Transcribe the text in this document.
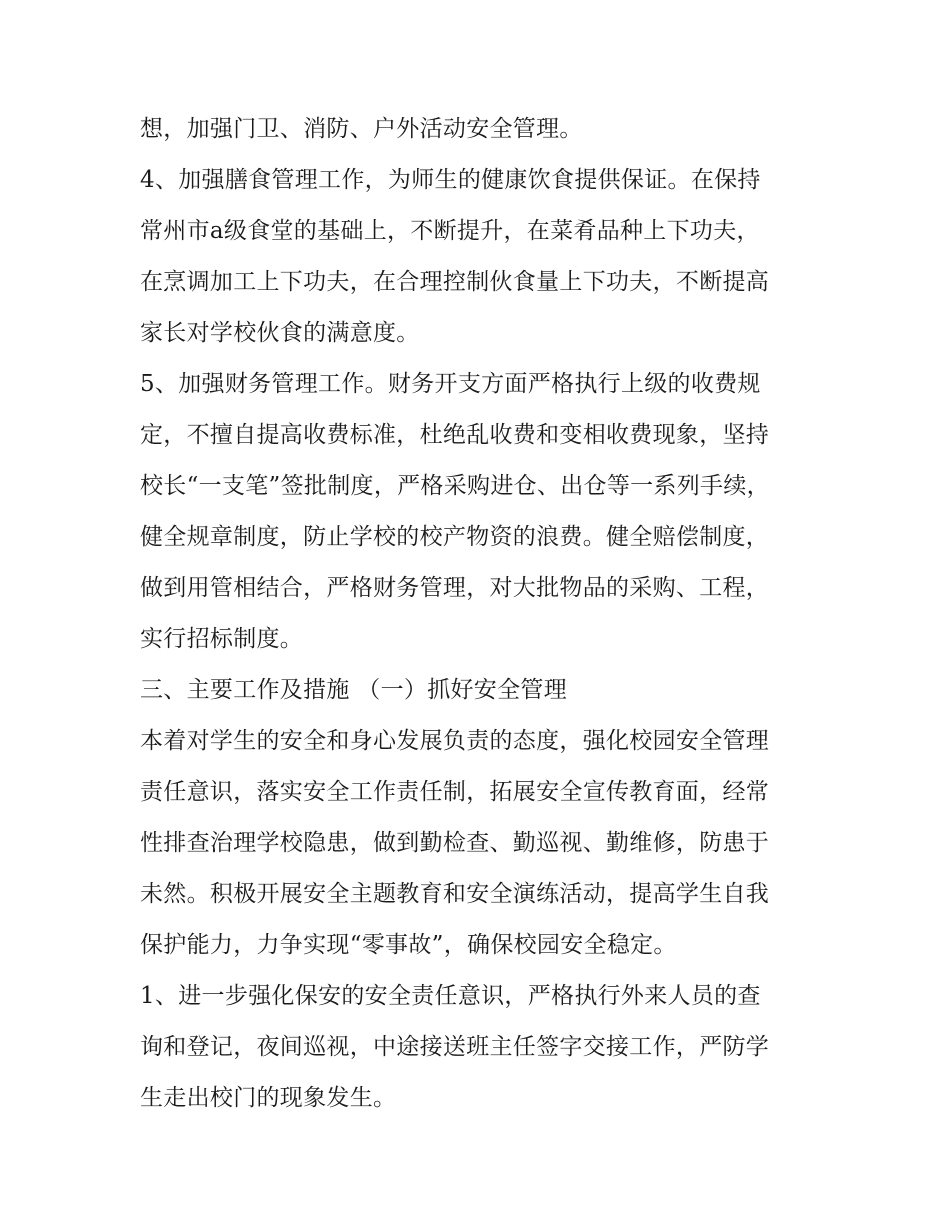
想，加强门卫、消防、户外活动安全管理。
4、加强膳食管理工作，为师生的健康饮食提供保证。在保持
常州市a级食堂的基础上，不断提升，在菜肴品种上下功夫，
在烹调加工上下功夫，在合理控制伙食量上下功夫，不断提高
家长对学校伙食的满意度。
5、加强财务管理工作。财务开支方面严格执行上级的收费规
定，不擅自提高收费标准，杜绝乱收费和变相收费现象，坚持
校长“一支笔”签批制度，严格采购进仓、出仓等一系列手续，
健全规章制度，防止学校的校产物资的浪费。健全赔偿制度，
做到用管相结合，严格财务管理，对大批物品的采购、工程，
实行招标制度。
三、主要工作及措施 （一）抓好安全管理
本着对学生的安全和身心发展负责的态度，强化校园安全管理
责任意识，落实安全工作责任制，拓展安全宣传教育面，经常
性排查治理学校隐患，做到勤检查、勤巡视、勤维修，防患于
未然。积极开展安全主题教育和安全演练活动，提高学生自我
保护能力，力争实现“零事故”，确保校园安全稳定。
1、进一步强化保安的安全责任意识，严格执行外来人员的查
询和登记，夜间巡视，中途接送班主任签字交接工作，严防学
生走出校门的现象发生。
